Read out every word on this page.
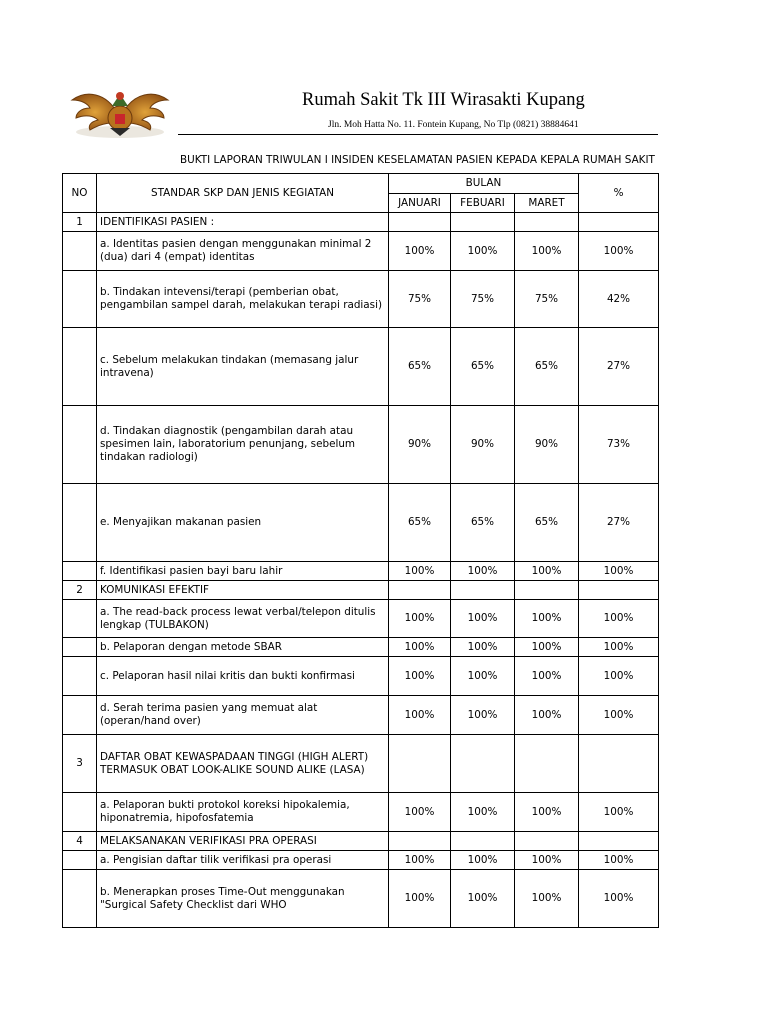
Rumah Sakit Tk III Wirasakti Kupang
Jln. Moh Hatta No. 11. Fontein Kupang, No Tlp (0821) 38884641
BUKTI LAPORAN TRIWULAN I INSIDEN KESELAMATAN PASIEN KEPADA KEPALA RUMAH SAKIT
NO	STANDAR SKP DAN JENIS KEGIATAN	BULAN			%
		JANUARI	FEBUARI	MARET	
1	IDENTIFIKASI PASIEN :				
	a. Identitas pasien dengan menggunakan minimal 2 (dua) dari 4 (empat) identitas	100%	100%	100%	100%
	b. Tindakan intevensi/terapi (pemberian obat, pengambilan sampel darah, melakukan terapi radiasi)	75%	75%	75%	42%
	c. Sebelum melakukan tindakan (memasang jalur intravena)	65%	65%	65%	27%
	d. Tindakan diagnostik (pengambilan darah atau spesimen lain, laboratorium penunjang, sebelum tindakan radiologi)	90%	90%	90%	73%
	e. Menyajikan makanan pasien	65%	65%	65%	27%
	f. Identifikasi pasien bayi baru lahir	100%	100%	100%	100%
2	KOMUNIKASI EFEKTIF				
	a. The read-back process lewat verbal/telepon ditulis lengkap (TULBAKON)	100%	100%	100%	100%
	b. Pelaporan dengan metode SBAR	100%	100%	100%	100%
	c. Pelaporan hasil nilai kritis dan bukti konfirmasi	100%	100%	100%	100%
	d. Serah terima pasien yang memuat alat (operan/hand over)	100%	100%	100%	100%
3	DAFTAR OBAT KEWASPADAAN TINGGI (HIGH ALERT) TERMASUK OBAT LOOK-ALIKE SOUND ALIKE (LASA)				
	a. Pelaporan bukti protokol koreksi hipokalemia, hiponatremia, hipofosfatemia	100%	100%	100%	100%
4	MELAKSANAKAN VERIFIKASI PRA OPERASI				
	a. Pengisian daftar tilik verifikasi pra operasi	100%	100%	100%	100%
	b. Menerapkan proses Time-Out menggunakan "Surgical Safety Checklist dari WHO	100%	100%	100%	100%
